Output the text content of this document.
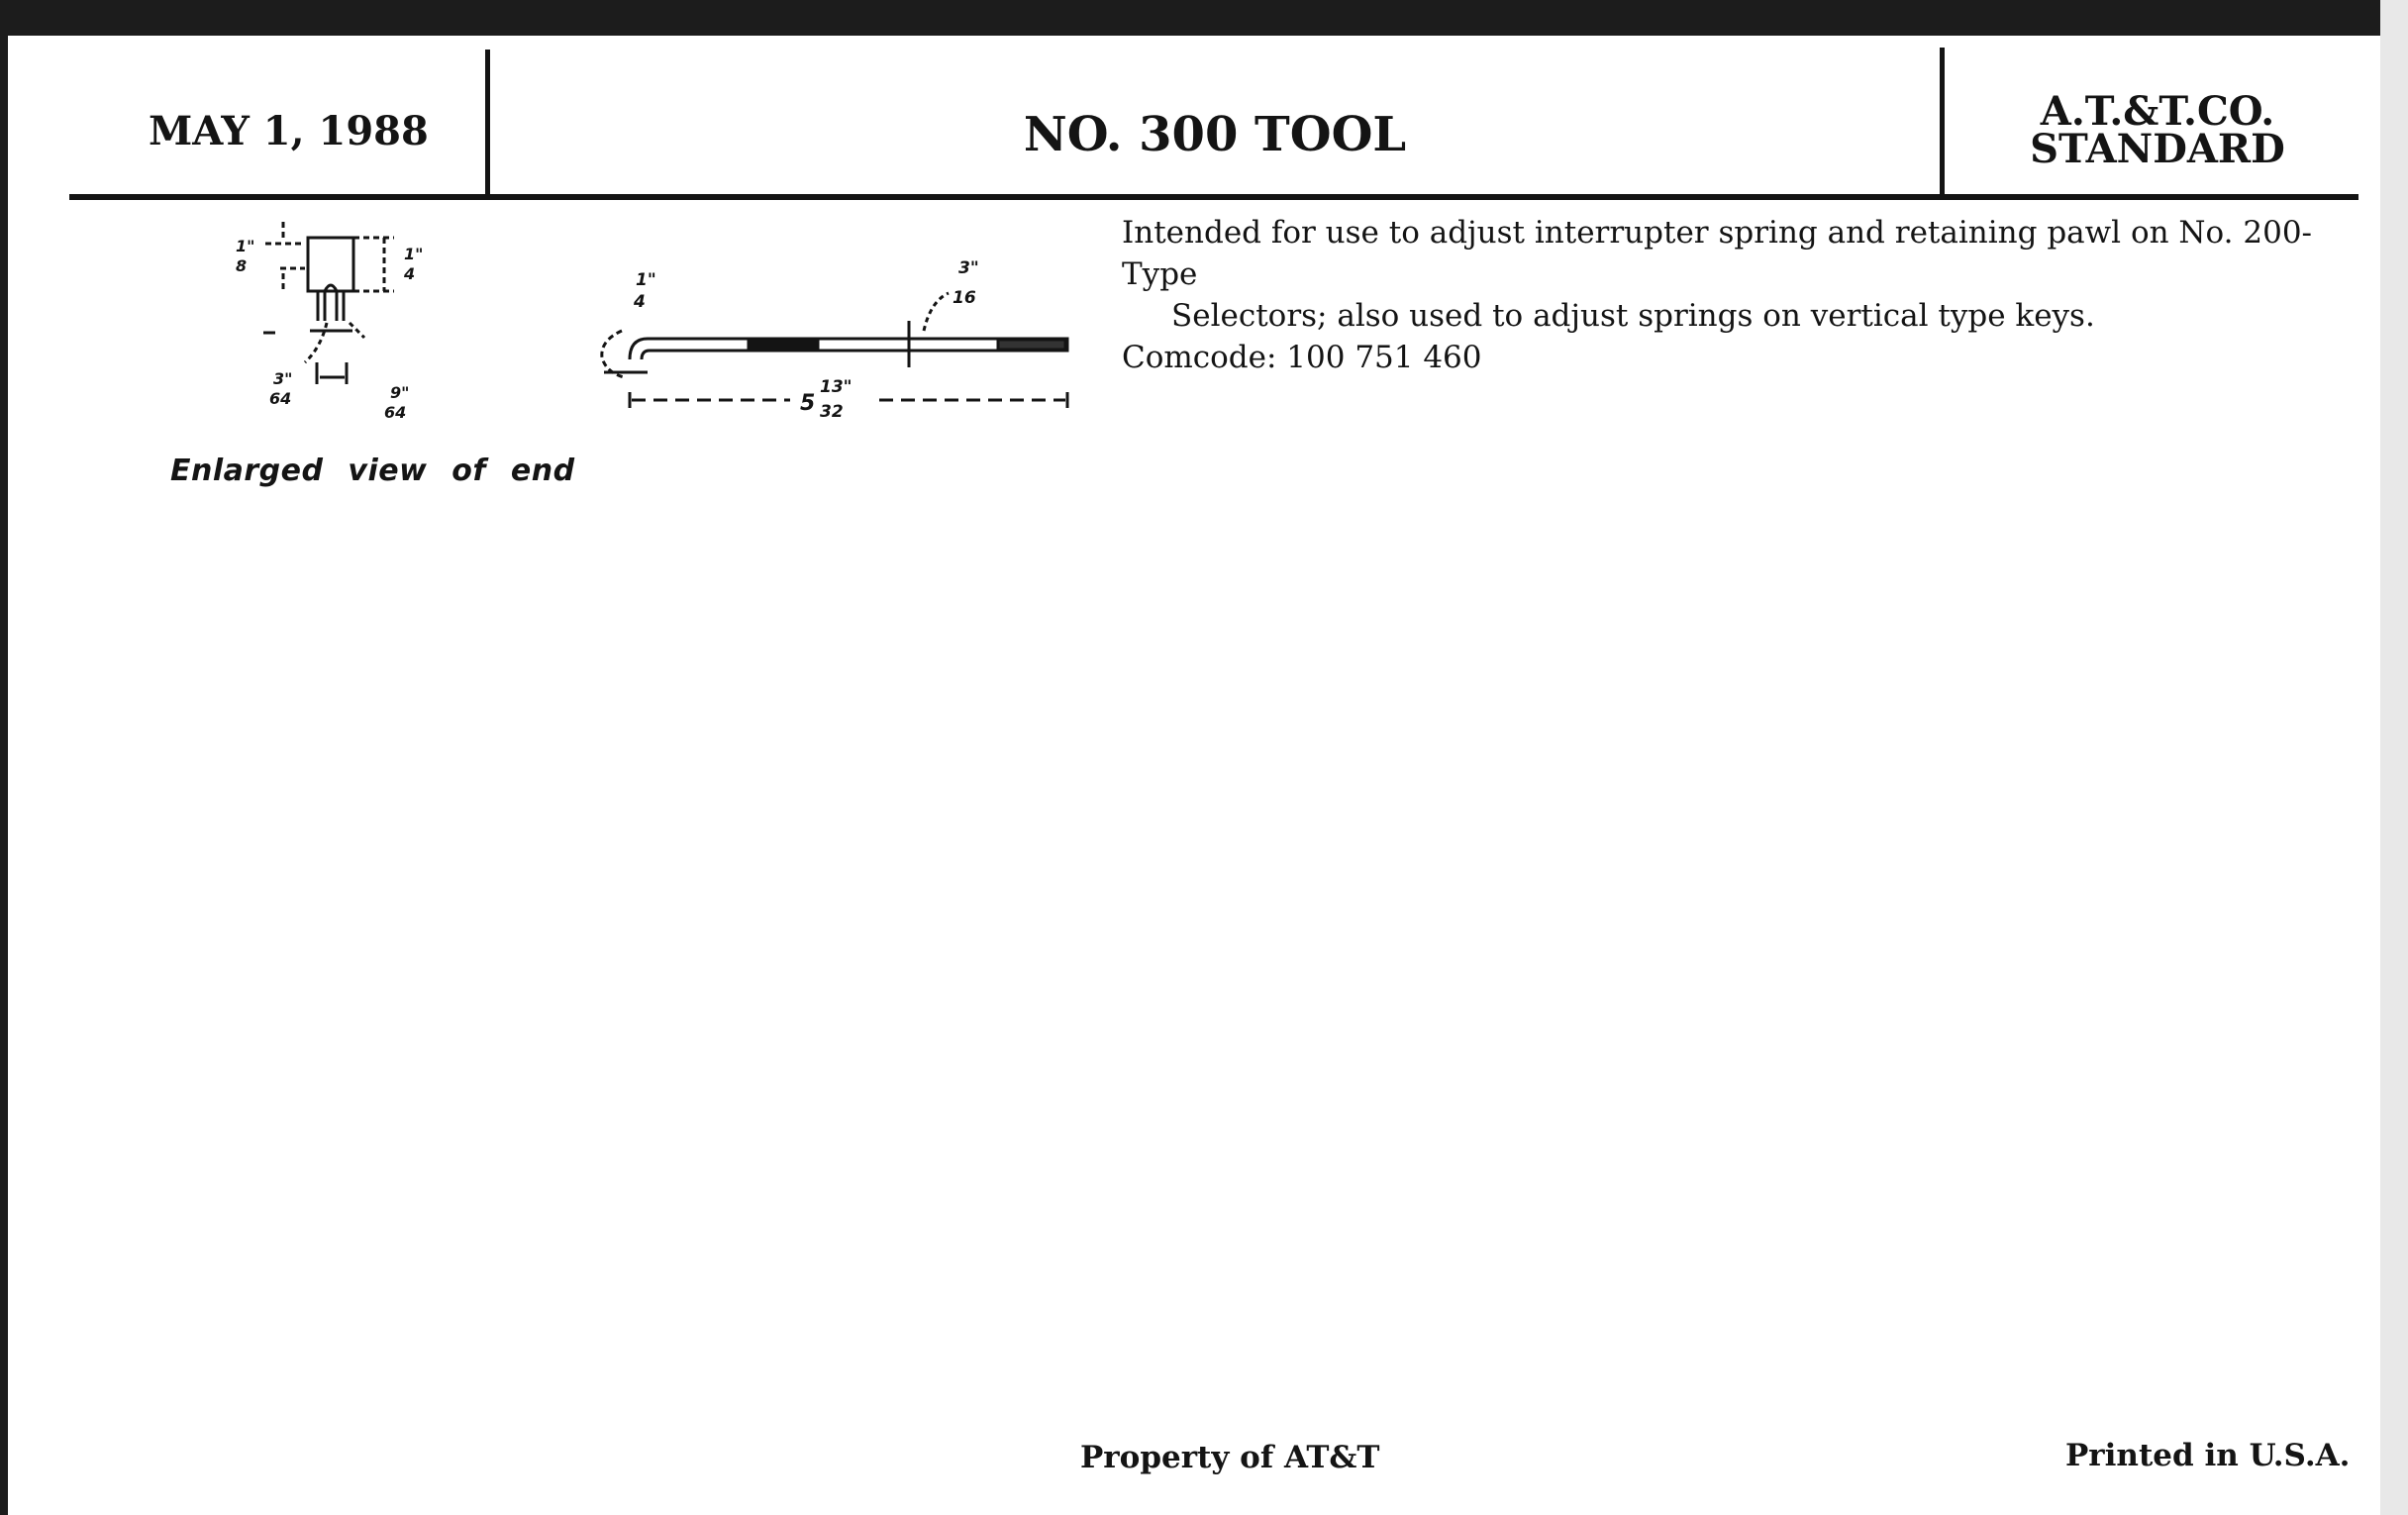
MAY 1, 1988	NO. 300 TOOL	A.T.&T.CO.
STANDARD
1"
8
1"
4
3"
64	9"
64
Enlarged view of end
1"
4
3"
16
5
13"
32

Intended for use to adjust interrupter spring and retaining pawl on No. 200-Type

Selectors; also used to adjust springs on vertical type keys.

Comcode: 100 751 460

Property of AT&T	Printed in U.S.A.
